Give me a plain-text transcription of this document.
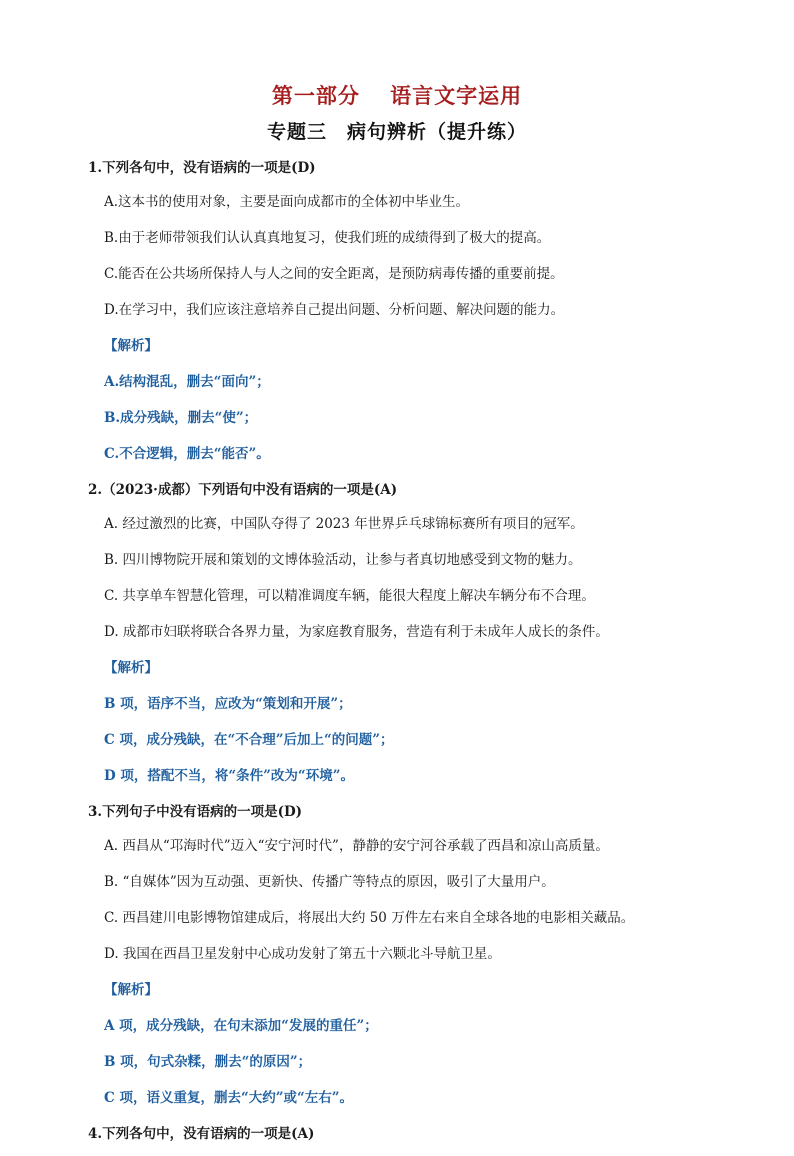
第一部分　 语言文字运用
专题三　病句辨析（提升练）
1.下列各句中，没有语病的一项是(D)
A.这本书的使用对象，主要是面向成都市的全体初中毕业生。
B.由于老师带领我们认认真真地复习，使我们班的成绩得到了极大的提高。
C.能否在公共场所保持人与人之间的安全距离，是预防病毒传播的重要前提。
D.在学习中，我们应该注意培养自己提出问题、分析问题、解决问题的能力。
【解析】
A.结构混乱，删去“面向”；
B.成分残缺，删去“使”；
C.不合逻辑，删去“能否”。
2.（2023·成都）下列语句中没有语病的一项是(A)
A. 经过激烈的比赛，中国队夺得了 2023 年世界乒乓球锦标赛所有项目的冠军。
B. 四川博物院开展和策划的文博体验活动，让参与者真切地感受到文物的魅力。
C. 共享单车智慧化管理，可以精准调度车辆，能很大程度上解决车辆分布不合理。
D. 成都市妇联将联合各界力量，为家庭教育服务，营造有利于未成年人成长的条件。
【解析】
B 项，语序不当，应改为“策划和开展”；
C 项，成分残缺，在“不合理”后加上“的问题”；
D 项，搭配不当，将“条件”改为“环境”。
3.下列句子中没有语病的一项是(D)
A. 西昌从“邛海时代”迈入“安宁河时代”，静静的安宁河谷承载了西昌和凉山高质量。
B. “自媒体”因为互动强、更新快、传播广等特点的原因，吸引了大量用户。
C. 西昌建川电影博物馆建成后，将展出大约 50 万件左右来自全球各地的电影相关藏品。
D. 我国在西昌卫星发射中心成功发射了第五十六颗北斗导航卫星。
【解析】
A 项，成分残缺，在句末添加“发展的重任”；
B 项，句式杂糅，删去“的原因”；
C 项，语义重复，删去“大约”或“左右”。
4.下列各句中，没有语病的一项是(A)
